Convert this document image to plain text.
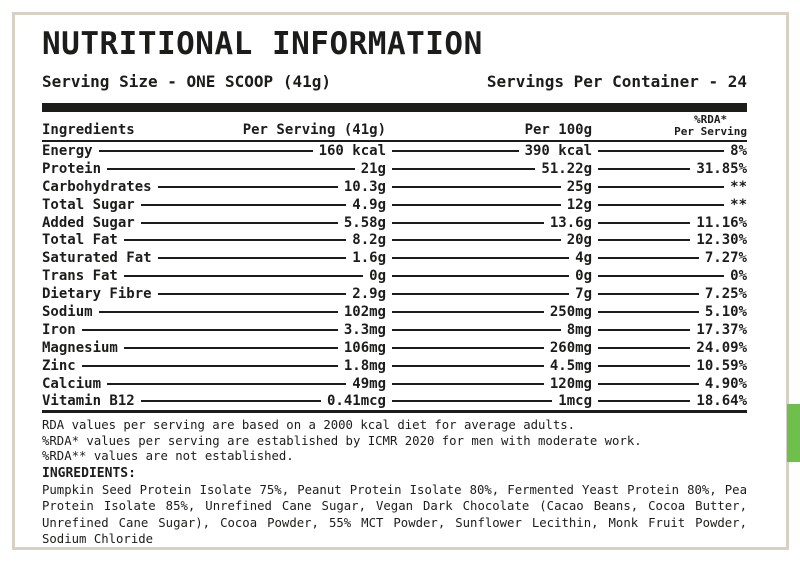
NUTRITIONAL INFORMATION
Serving Size - ONE SCOOP (41g)	Servings Per Container - 24
Ingredients	Per Serving (41g)	Per 100g
%RDA*
Per Serving
Energy	160 kcal	390 kcal	8%
Protein	21g	51.22g	31.85%
Carbohydrates	10.3g	25g	**
Total Sugar	4.9g	12g	**
Added Sugar	5.58g	13.6g	11.16%
Total Fat	8.2g	20g	12.30%
Saturated Fat	1.6g	4g	7.27%
Trans Fat	0g	0g	0%
Dietary Fibre	2.9g	7g	7.25%
Sodium	102mg	250mg	5.10%
Iron	3.3mg	8mg	17.37%
Magnesium	106mg	260mg	24.09%
Zinc	1.8mg	4.5mg	10.59%
Calcium	49mg	120mg	4.90%
Vitamin B12	0.41mcg	1mcg	18.64%
RDA values per serving are based on a 2000 kcal diet for average adults.
%RDA* values per serving are established by ICMR 2020 for men with moderate work.
%RDA** values are not established.
INGREDIENTS:

Pumpkin Seed Protein Isolate 75%, Peanut Protein Isolate 80%, Fermented Yeast Protein 80%, Pea Protein Isolate 85%, Unrefined Cane Sugar, Vegan Dark Chocolate (Cacao Beans, Cocoa Butter, Unrefined Cane Sugar), Cocoa Powder, 55% MCT Powder, Sunflower Lecithin, Monk Fruit Powder, Sodium Chloride
